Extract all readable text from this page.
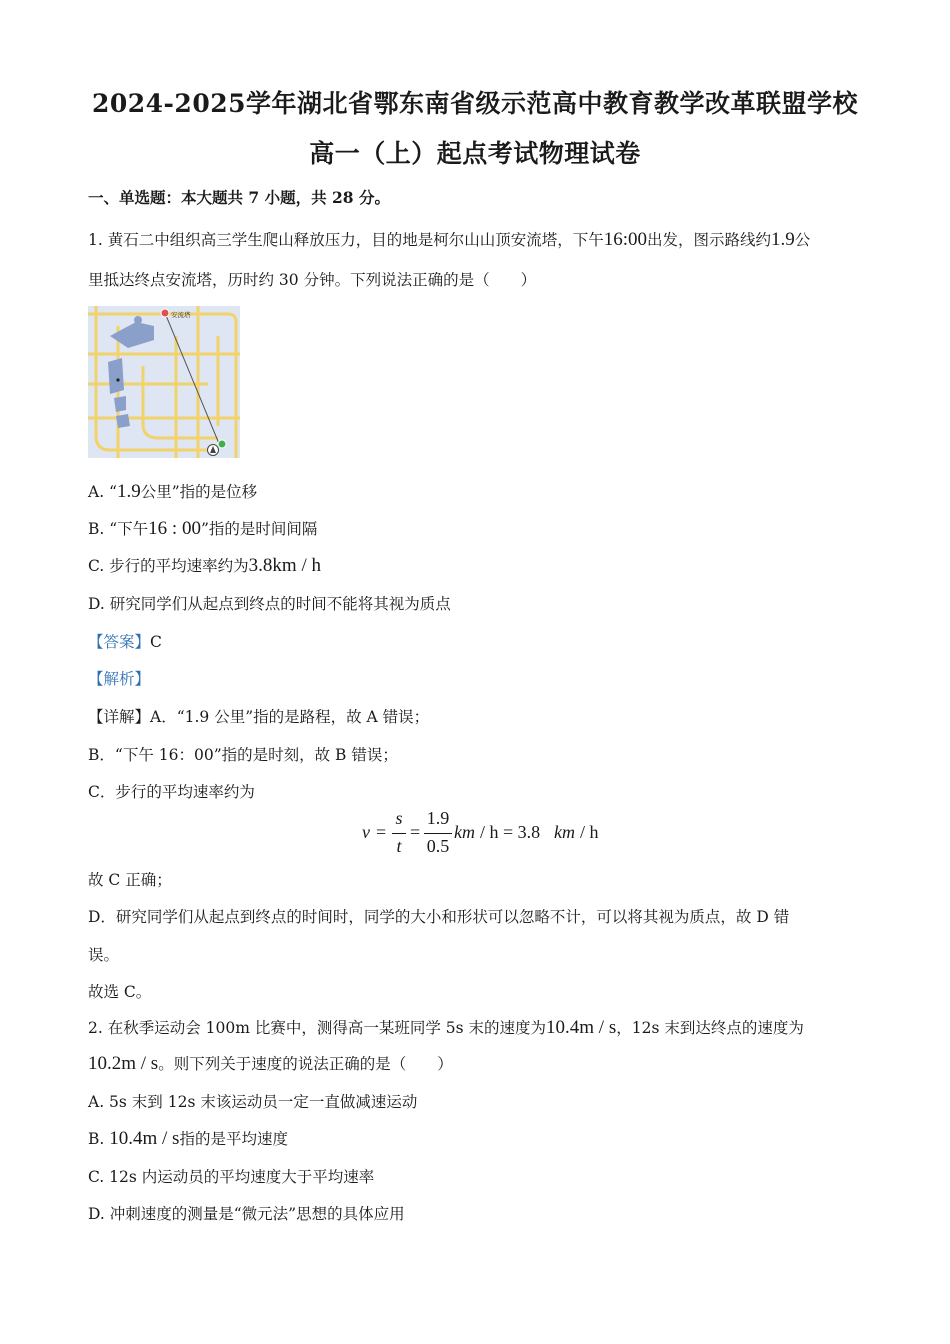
2024-2025学年湖北省鄂东南省级示范高中教育教学改革联盟学校
高一（上）起点考试物理试卷
一、单选题：本大题共 7 小题，共 28 分。
1. 黄石二中组织高三学生爬山释放压力，目的地是柯尔山山顶安流塔，下午16:00出发，图示路线约1.9公
里抵达终点安流塔，历时约 30 分钟。下列说法正确的是（　　）
安流塔
A. “1.9公里”指的是位移
B. “下午16 : 00”指的是时间间隔
C. 步行的平均速率约为3.8km / h
D. 研究同学们从起点到终点的时间不能将其视为质点
【答案】C
【解析】
【详解】A．“1.9 公里”指的是路程，故 A 错误；
B．“下午 16：00”指的是时刻，故 B 错误；
C．步行的平均速率约为
v =
s
t
=
1.9
0.5
km / h = 3.8 km / h
故 C 正确；
D．研究同学们从起点到终点的时间时，同学的大小和形状可以忽略不计，可以将其视为质点，故 D 错
误。
故选 C。
2. 在秋季运动会 100m 比赛中，测得高一某班同学 5s 末的速度为10.4m / s，12s 末到达终点的速度为
10.2m / s。则下列关于速度的说法正确的是（　　）
A. 5s 末到 12s 末该运动员一定一直做减速运动
B. 10.4m / s指的是平均速度
C. 12s 内运动员的平均速度大于平均速率
D. 冲刺速度的测量是“微元法”思想的具体应用
